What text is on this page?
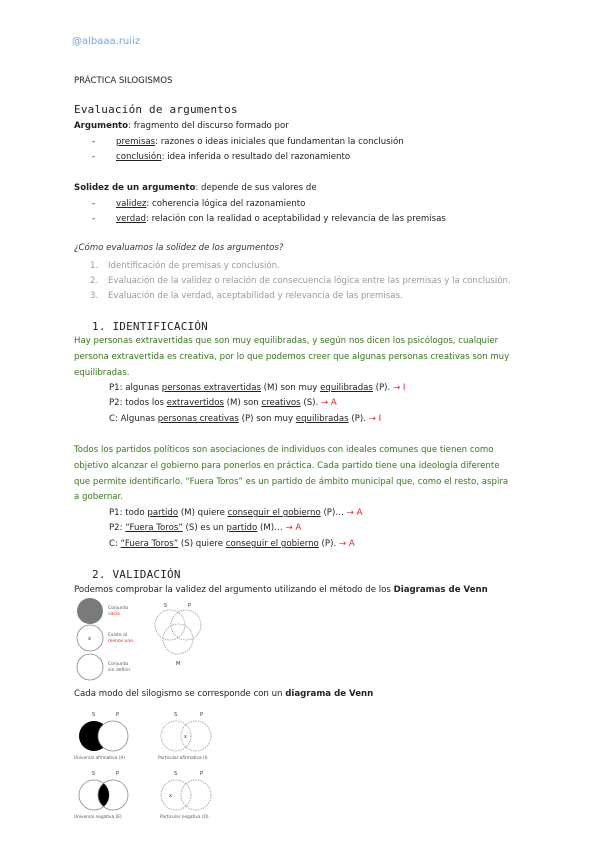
@albaaa.ruiiz
PRÁCTICA SILOGISMOS
Evaluación de argumentos
Argumento: fragmento del discurso formado por
- premisas: razones o ideas iniciales que fundamentan la conclusión
- conclusión: idea inferida o resultado del razonamiento
Solidez de un argumento: depende de sus valores de
- validez: coherencia lógica del razonamiento
- verdad: relación con la realidad o aceptabilidad y relevancia de las premisas
¿Cómo evaluamos la solidez de los argumentos?
1. Identificación de premisas y conclusión.
2. Evaluación de la validez o relación de consecuencia lógica entre las premisas y la conclusión.
3. Evaluación de la verdad, aceptabilidad y relevancia de las premisas.
1. IDENTIFICACIÓN
Hay personas extravertidas que son muy equilibradas, y según nos dicen los psicólogos, cualquier
persona extravertida es creativa, por lo que podemos creer que algunas personas creativas son muy
equilibradas.
P1: algunas personas extravertidas (M) son muy equilibradas (P). → I
P2: todos los extravertidos (M) son creativos (S). → A
C: Algunas personas creativas (P) son muy equilibradas (P). → I
Todos los partidos políticos son asociaciones de individuos con ideales comunes que tienen como
objetivo alcanzar el gobierno para ponerlos en práctica. Cada partido tiene una ideología diferente
que permite identificarlo. “Fuera Toros” es un partido de ámbito municipal que, como el resto, aspira
a gobernar.
P1: todo partido (M) quiere conseguir el gobierno (P)… → A
P2: “Fuera Toros” (S) es un partido (M)… → A
C: “Fuera Toros” (S) quiere conseguir el gobierno (P). → A
2. VALIDACIÓN
Podemos comprobar la validez del argumento utilizando el método de los Diagramas de Venn
Conjunto
vacío
x
Existe al
menos uno
Conjunto
sin definir
S	P
M
Cada modo del silogismo se corresponde con un diagrama de Venn
S	P
Universal afirmativa (A)
S	P
x
Particular afirmativa (I)
S	P
Universal negativa (E)
S	P
x
Particular negativa (O)
